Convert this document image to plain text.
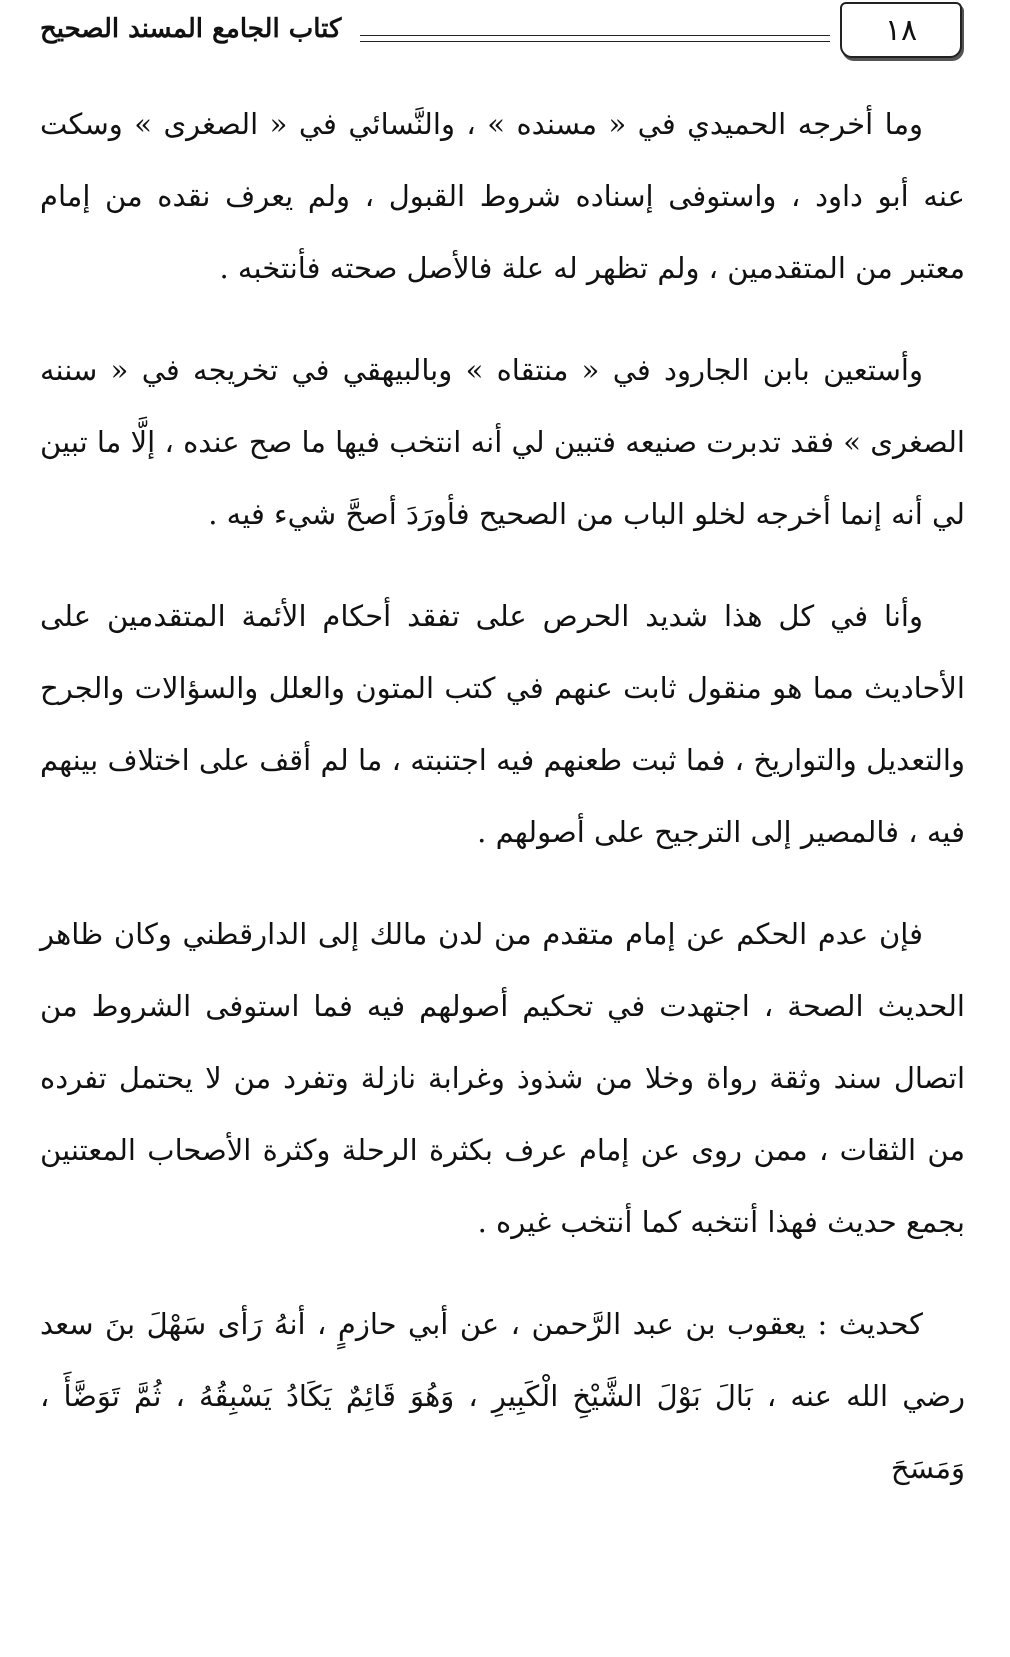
١٨
كتاب الجامع المسند الصحيح

وما أخرجه الحميدي في « مسنده » ، والنَّسائي في « الصغرى » وسكت عنه أبو داود ، واستوفى إسناده شروط القبول ، ولم يعرف نقده من إمام معتبر من المتقدمين ، ولم تظهر له علة فالأصل صحته فأنتخبه .

وأستعين بابن الجارود في « منتقاه » وبالبيهقي في تخريجه في « سننه الصغرى » فقد تدبرت صنيعه فتبين لي أنه انتخب فيها ما صح عنده ، إلَّا ما تبين لي أنه إنما أخرجه لخلو الباب من الصحيح فأورَدَ أصحَّ شيء فيه .

وأنا في كل هذا شديد الحرص على تفقد أحكام الأئمة المتقدمين على الأحاديث مما هو منقول ثابت عنهم في كتب المتون والعلل والسؤالات والجرح والتعديل والتواريخ ، فما ثبت طعنهم فيه اجتنبته ، ما لم أقف على اختلاف بينهم فيه ، فالمصير إلى الترجيح على أصولهم .

فإن عدم الحكم عن إمام متقدم من لدن مالك إلى الدارقطني وكان ظاهر الحديث الصحة ، اجتهدت في تحكيم أصولهم فيه فما استوفى الشروط من اتصال سند وثقة رواة وخلا من شذوذ وغرابة نازلة وتفرد من لا يحتمل تفرده من الثقات ، ممن روى عن إمام عرف بكثرة الرحلة وكثرة الأصحاب المعتنين بجمع حديث فهذا أنتخبه كما أنتخب غيره .

كحديث : يعقوب بن عبد الرَّحمن ، عن أبي حازمٍ ، أنهُ رَأى سَهْلَ بنَ سعد رضي الله عنه ، بَالَ بَوْلَ الشَّيْخِ الْكَبِيرِ ، وَهُوَ قَائِمٌ يَكَادُ يَسْبِقُهُ ، ثُمَّ تَوَضَّأَ ، وَمَسَحَ
